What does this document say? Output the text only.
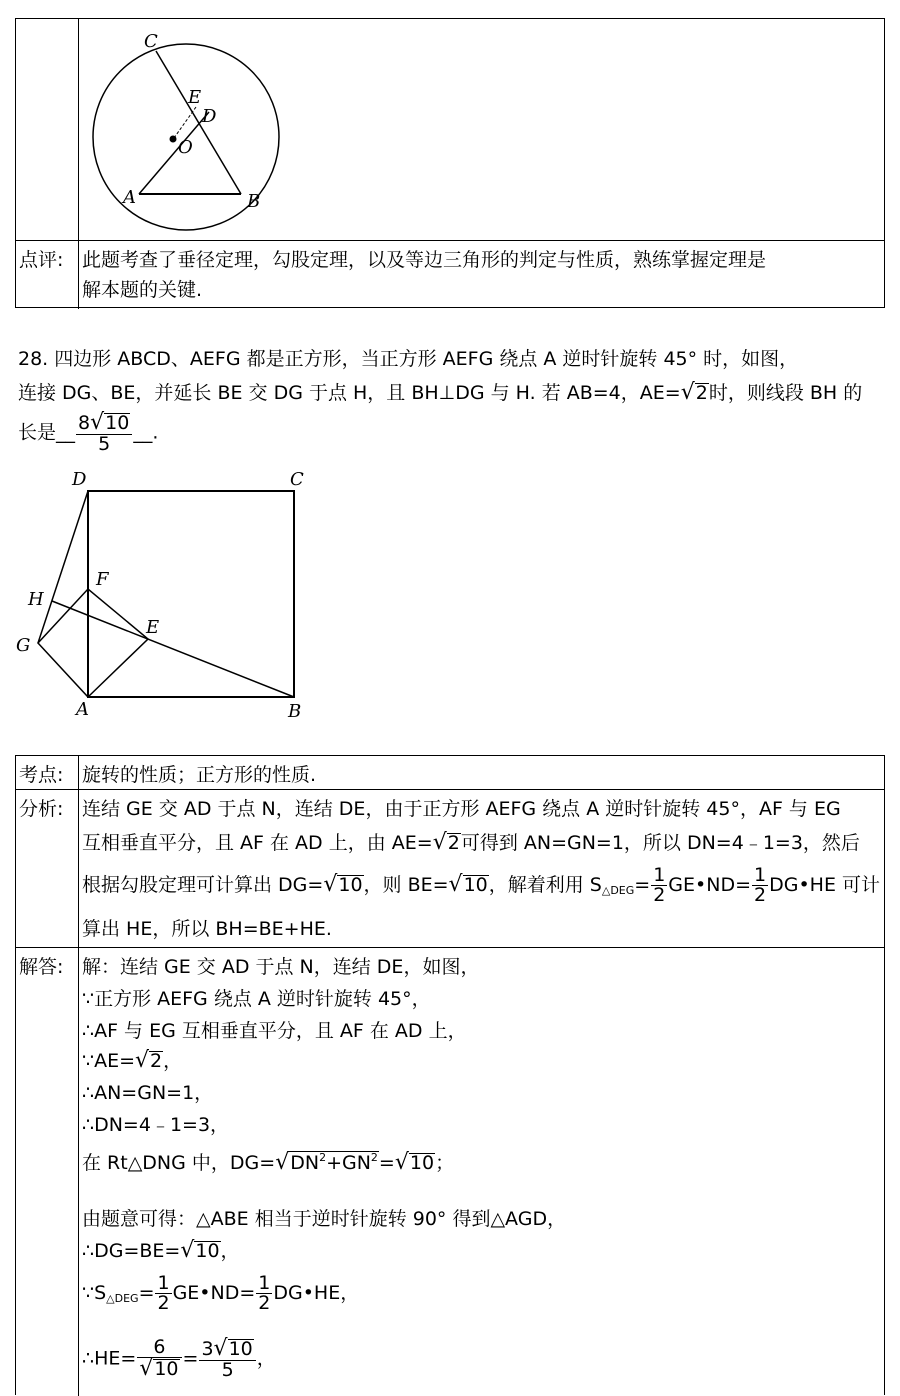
C
E
D
O
A	B
点评: 此题考查了垂径定理，勾股定理，以及等边三角形的判定与性质，熟练掌握定理是
解本题的关键.
28. 四边形 ABCD、AEFG 都是正方形，当正方形 AEFG 绕点 A 逆时针旋转 45° 时，如图，
连接 DG、BE，并延长 BE 交 DG 于点 H，且 BH⊥DG 与 H. 若 AB=4，AE=√2时，则线段 BH 的
长是__ $\frac{8√10}{5}$ __.
D	C
F
H
E
G
A	B
考点: 旋转的性质；正方形的性质.
分析: 连结 GE 交 AD 于点 N，连结 DE，由于正方形 AEFG 绕点 A 逆时针旋转 45°，AF 与 EG
互相垂直平分，且 AF 在 AD 上，由 AE=√2可得到 AN=GN=1，所以 DN=4﹣1=3，然后
根据勾股定理可计算出 DG=√10，则 BE=√10，解着利用 $S_{\triangle DEG}= \frac{1}{2}$ GE•ND= $\frac{1}{2}$ DG•HE 可计
算出 HE，所以 BH=BE+HE.
解答: 解：连结 GE 交 AD 于点 N，连结 DE，如图，
∵正方形 AEFG 绕点 A 逆时针旋转 45°，
∴AF 与 EG 互相垂直平分，且 AF 在 AD 上，
∵AE=√2，
∴AN=GN=1，
∴DN=4﹣1=3，
在 Rt△DNG 中，$DG=√DN^2+GN^2=√10$；
由题意可得：△ABE 相当于逆时针旋转 90° 得到△AGD，
∴DG=BE=√10，
$\because S_{\triangle DEG}= \frac{1}{2}$ GE•ND= $\frac{1}{2}$ DG•HE，
∴HE= $\frac{6}{√10} = \frac{3√10}{5}$ ，
